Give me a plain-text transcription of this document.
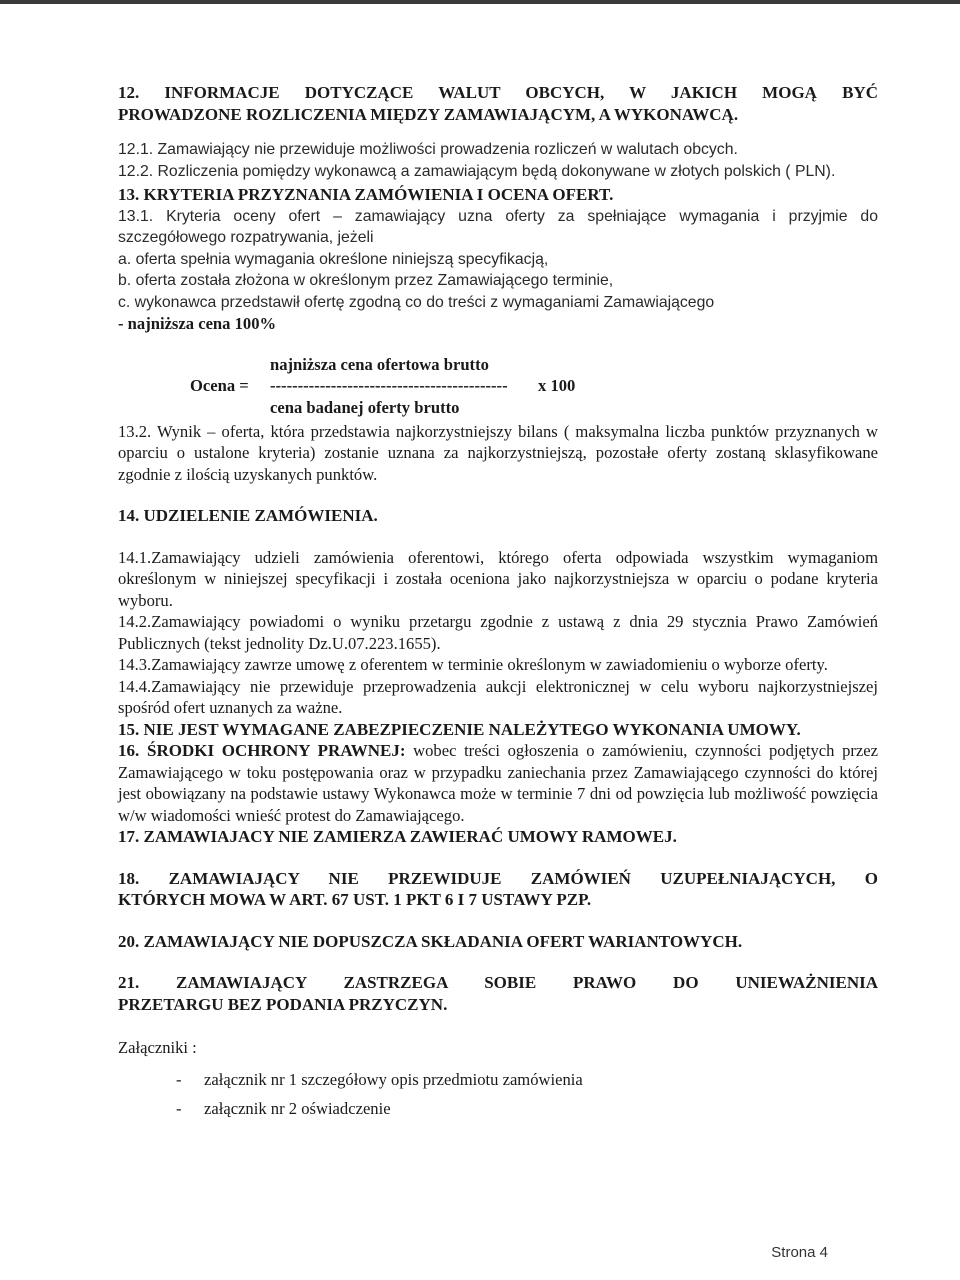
12. INFORMACJE DOTYCZĄCE WALUT OBCYCH, W JAKICH MOGĄ BYĆ

PROWADZONE ROZLICZENIA MIĘDZY ZAMAWIAJĄCYM, A WYKONAWCĄ.

12.1. Zamawiający nie przewiduje możliwości prowadzenia rozliczeń w walutach obcych.

12.2. Rozliczenia pomiędzy wykonawcą a zamawiającym będą dokonywane w złotych polskich ( PLN).

13. KRYTERIA PRZYZNANIA ZAMÓWIENIA I OCENA OFERT.

13.1. Kryteria oceny ofert – zamawiający uzna oferty za spełniające wymagania i przyjmie do szczegółowego rozpatrywania, jeżeli

a. oferta spełnia wymagania określone niniejszą specyfikacją,

b. oferta została złożona w określonym przez Zamawiającego terminie,

c. wykonawca przedstawił ofertę zgodną co do treści z wymaganiami Zamawiającego

- najniższa cena 100%

najniższa cena ofertowa brutto
Ocena = ------------------------------------------- x 100
cena badanej oferty brutto

13.2. Wynik – oferta, która przedstawia najkorzystniejszy bilans ( maksymalna liczba punktów przyznanych w oparciu o ustalone kryteria) zostanie uznana za najkorzystniejszą, pozostałe oferty zostaną sklasyfikowane zgodnie z ilością uzyskanych punktów.

14. UDZIELENIE ZAMÓWIENIA.

14.1.Zamawiający udzieli zamówienia oferentowi, którego oferta odpowiada wszystkim wymaganiom określonym w niniejszej specyfikacji i została oceniona jako najkorzystniejsza w oparciu o podane kryteria wyboru.

14.2.Zamawiający powiadomi o wyniku przetargu zgodnie z ustawą z dnia 29 stycznia Prawo Zamówień Publicznych (tekst jednolity Dz.U.07.223.1655).

14.3.Zamawiający zawrze umowę z oferentem w terminie określonym w zawiadomieniu o wyborze oferty.

14.4.Zamawiający nie przewiduje przeprowadzenia aukcji elektronicznej w celu wyboru najkorzystniejszej spośród ofert uznanych za ważne.

15. NIE JEST WYMAGANE ZABEZPIECZENIE NALEŻYTEGO WYKONANIA UMOWY.

16. ŚRODKI OCHRONY PRAWNEJ: wobec treści ogłoszenia o zamówieniu, czynności podjętych przez Zamawiającego w toku postępowania oraz w przypadku zaniechania przez Zamawiającego czynności do której jest obowiązany na podstawie ustawy Wykonawca może w terminie 7 dni od powzięcia lub możliwość powzięcia w/w wiadomości wnieść protest do Zamawiającego.

17. ZAMAWIAJACY NIE ZAMIERZA ZAWIERAĆ UMOWY RAMOWEJ.

18. ZAMAWIAJĄCY NIE PRZEWIDUJE ZAMÓWIEŃ UZUPEŁNIAJĄCYCH, O

KTÓRYCH MOWA W ART. 67 UST. 1 PKT 6 I 7 USTAWY PZP.

20. ZAMAWIAJĄCY NIE DOPUSZCZA SKŁADANIA OFERT WARIANTOWYCH.

21. ZAMAWIAJĄCY ZASTRZEGA SOBIE PRAWO DO UNIEWAŻNIENIA

PRZETARGU BEZ PODANIA PRZYCZYN.

Załączniki :

- załącznik nr 1 szczegółowy opis przedmiotu zamówienia

- załącznik nr 2 oświadczenie

Strona 4
